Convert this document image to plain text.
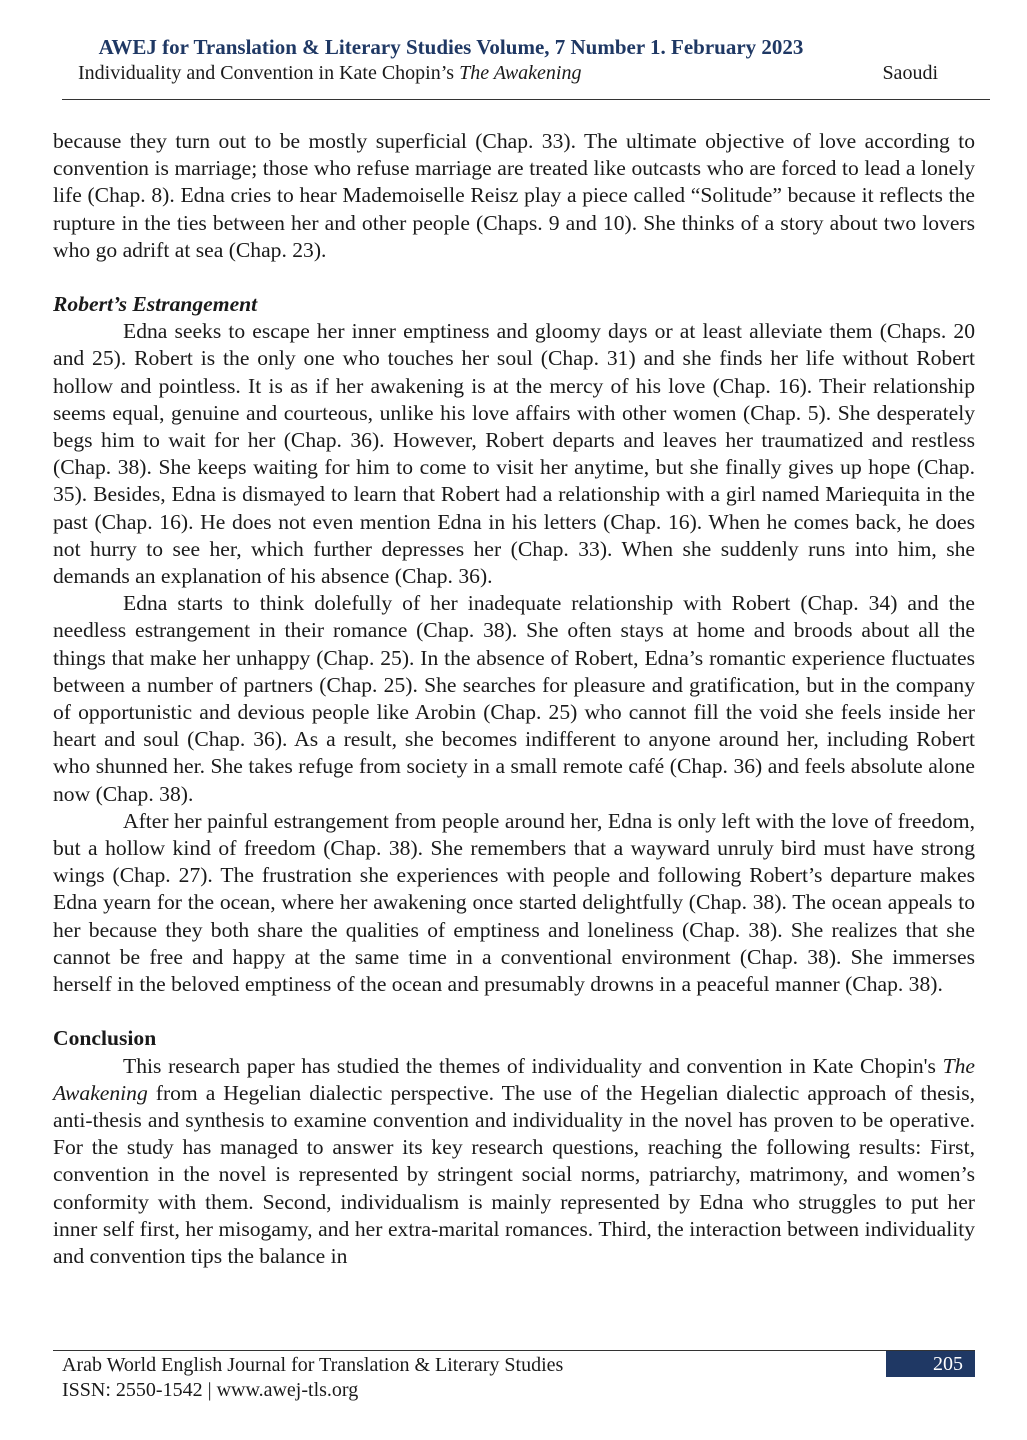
AWEJ for Translation & Literary Studies Volume, 7 Number 1. February 2023
Individuality and Convention in Kate Chopin’s The Awakening	Saoudi

because they turn out to be mostly superficial (Chap. 33). The ultimate objective of love according to convention is marriage; those who refuse marriage are treated like outcasts who are forced to lead a lonely life (Chap. 8). Edna cries to hear Mademoiselle Reisz play a piece called “Solitude” because it reflects the rupture in the ties between her and other people (Chaps. 9 and 10). She thinks of a story about two lovers who go adrift at sea (Chap. 23).

Robert’s Estrangement

Edna seeks to escape her inner emptiness and gloomy days or at least alleviate them (Chaps. 20 and 25). Robert is the only one who touches her soul (Chap. 31) and she finds her life without Robert hollow and pointless. It is as if her awakening is at the mercy of his love (Chap. 16). Their relationship seems equal, genuine and courteous, unlike his love affairs with other women (Chap. 5). She desperately begs him to wait for her (Chap. 36). However, Robert departs and leaves her traumatized and restless (Chap. 38). She keeps waiting for him to come to visit her anytime, but she finally gives up hope (Chap. 35). Besides, Edna is dismayed to learn that Robert had a relationship with a girl named Mariequita in the past (Chap. 16). He does not even mention Edna in his letters (Chap. 16). When he comes back, he does not hurry to see her, which further depresses her (Chap. 33). When she suddenly runs into him, she demands an explanation of his absence (Chap. 36).

Edna starts to think dolefully of her inadequate relationship with Robert (Chap. 34) and the needless estrangement in their romance (Chap. 38). She often stays at home and broods about all the things that make her unhappy (Chap. 25). In the absence of Robert, Edna’s romantic experience fluctuates between a number of partners (Chap. 25). She searches for pleasure and gratification, but in the company of opportunistic and devious people like Arobin (Chap. 25) who cannot fill the void she feels inside her heart and soul (Chap. 36). As a result, she becomes indifferent to anyone around her, including Robert who shunned her. She takes refuge from society in a small remote café (Chap. 36) and feels absolute alone now (Chap. 38).

After her painful estrangement from people around her, Edna is only left with the love of freedom, but a hollow kind of freedom (Chap. 38). She remembers that a wayward unruly bird must have strong wings (Chap. 27). The frustration she experiences with people and following Robert’s departure makes Edna yearn for the ocean, where her awakening once started delightfully (Chap. 38). The ocean appeals to her because they both share the qualities of emptiness and loneliness (Chap. 38). She realizes that she cannot be free and happy at the same time in a conventional environment (Chap. 38). She immerses herself in the beloved emptiness of the ocean and presumably drowns in a peaceful manner (Chap. 38).

Conclusion

This research paper has studied the themes of individuality and convention in Kate Chopin's The Awakening from a Hegelian dialectic perspective. The use of the Hegelian dialectic approach of thesis, anti-thesis and synthesis to examine convention and individuality in the novel has proven to be operative. For the study has managed to answer its key research questions, reaching the following results: First, convention in the novel is represented by stringent social norms, patriarchy, matrimony, and women’s conformity with them. Second, individualism is mainly represented by Edna who struggles to put her inner self first, her misogamy, and her extra-marital romances. Third, the interaction between individuality and convention tips the balance in

Arab World English Journal for Translation & Literary Studies
ISSN: 2550-1542 | www.awej-tls.org
205
